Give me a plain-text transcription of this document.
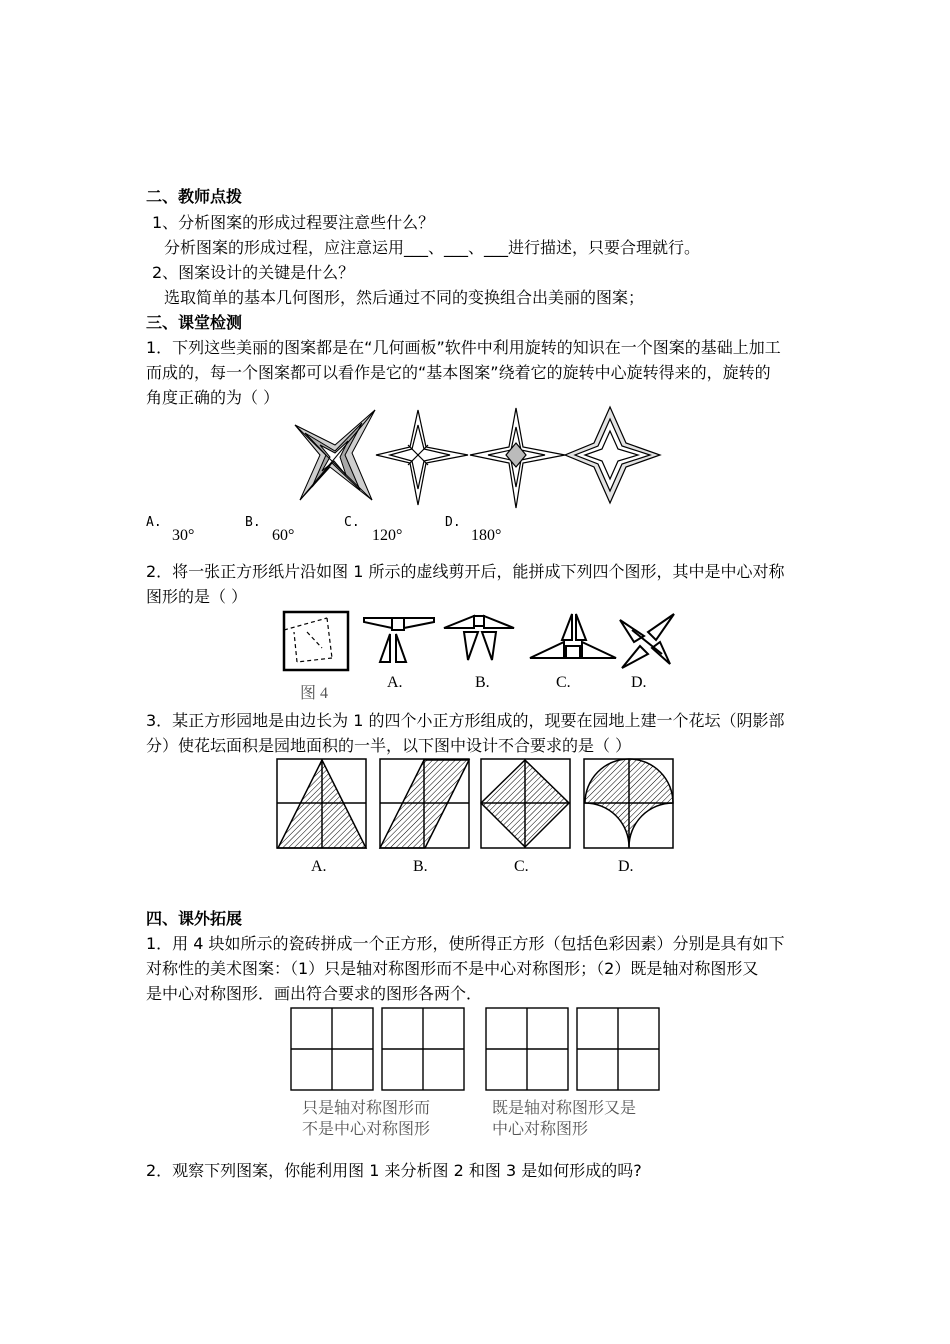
二、教师点拨
1、分析图案的形成过程要注意些什么？
分析图案的形成过程，应注意运用___、___、___进行描述，只要合理就行。
2、图案设计的关键是什么？
选取简单的基本几何图形，然后通过不同的变换组合出美丽的图案；
三、课堂检测
1．下列这些美丽的图案都是在“几何画板”软件中利用旋转的知识在一个图案的基础上加工
而成的，每一个图案都可以看作是它的“基本图案”绕着它的旋转中心旋转得来的，旋转的
角度正确的为（ ）
A.
30°
B.
60°
C.
120°
D.
180°
2．将一张正方形纸片沿如图 1 所示的虚线剪开后，能拼成下列四个图形，其中是中心对称
图形的是（ ）
图 4
A.	B.	C.	D.
3．某正方形园地是由边长为 1 的四个小正方形组成的，现要在园地上建一个花坛（阴影部
分）使花坛面积是园地面积的一半，以下图中设计不合要求的是（ ）
A.	B.	C.	D.
四、课外拓展
1．用 4 块如所示的瓷砖拼成一个正方形，使所得正方形（包括色彩因素）分别是具有如下
对称性的美术图案：（1）只是轴对称图形而不是中心对称图形；（2）既是轴对称图形又
是中心对称图形．画出符合要求的图形各两个．
只是轴对称图形而
不是中心对称图形
既是轴对称图形又是
中心对称图形
2．观察下列图案，你能利用图 1 来分析图 2 和图 3 是如何形成的吗?
